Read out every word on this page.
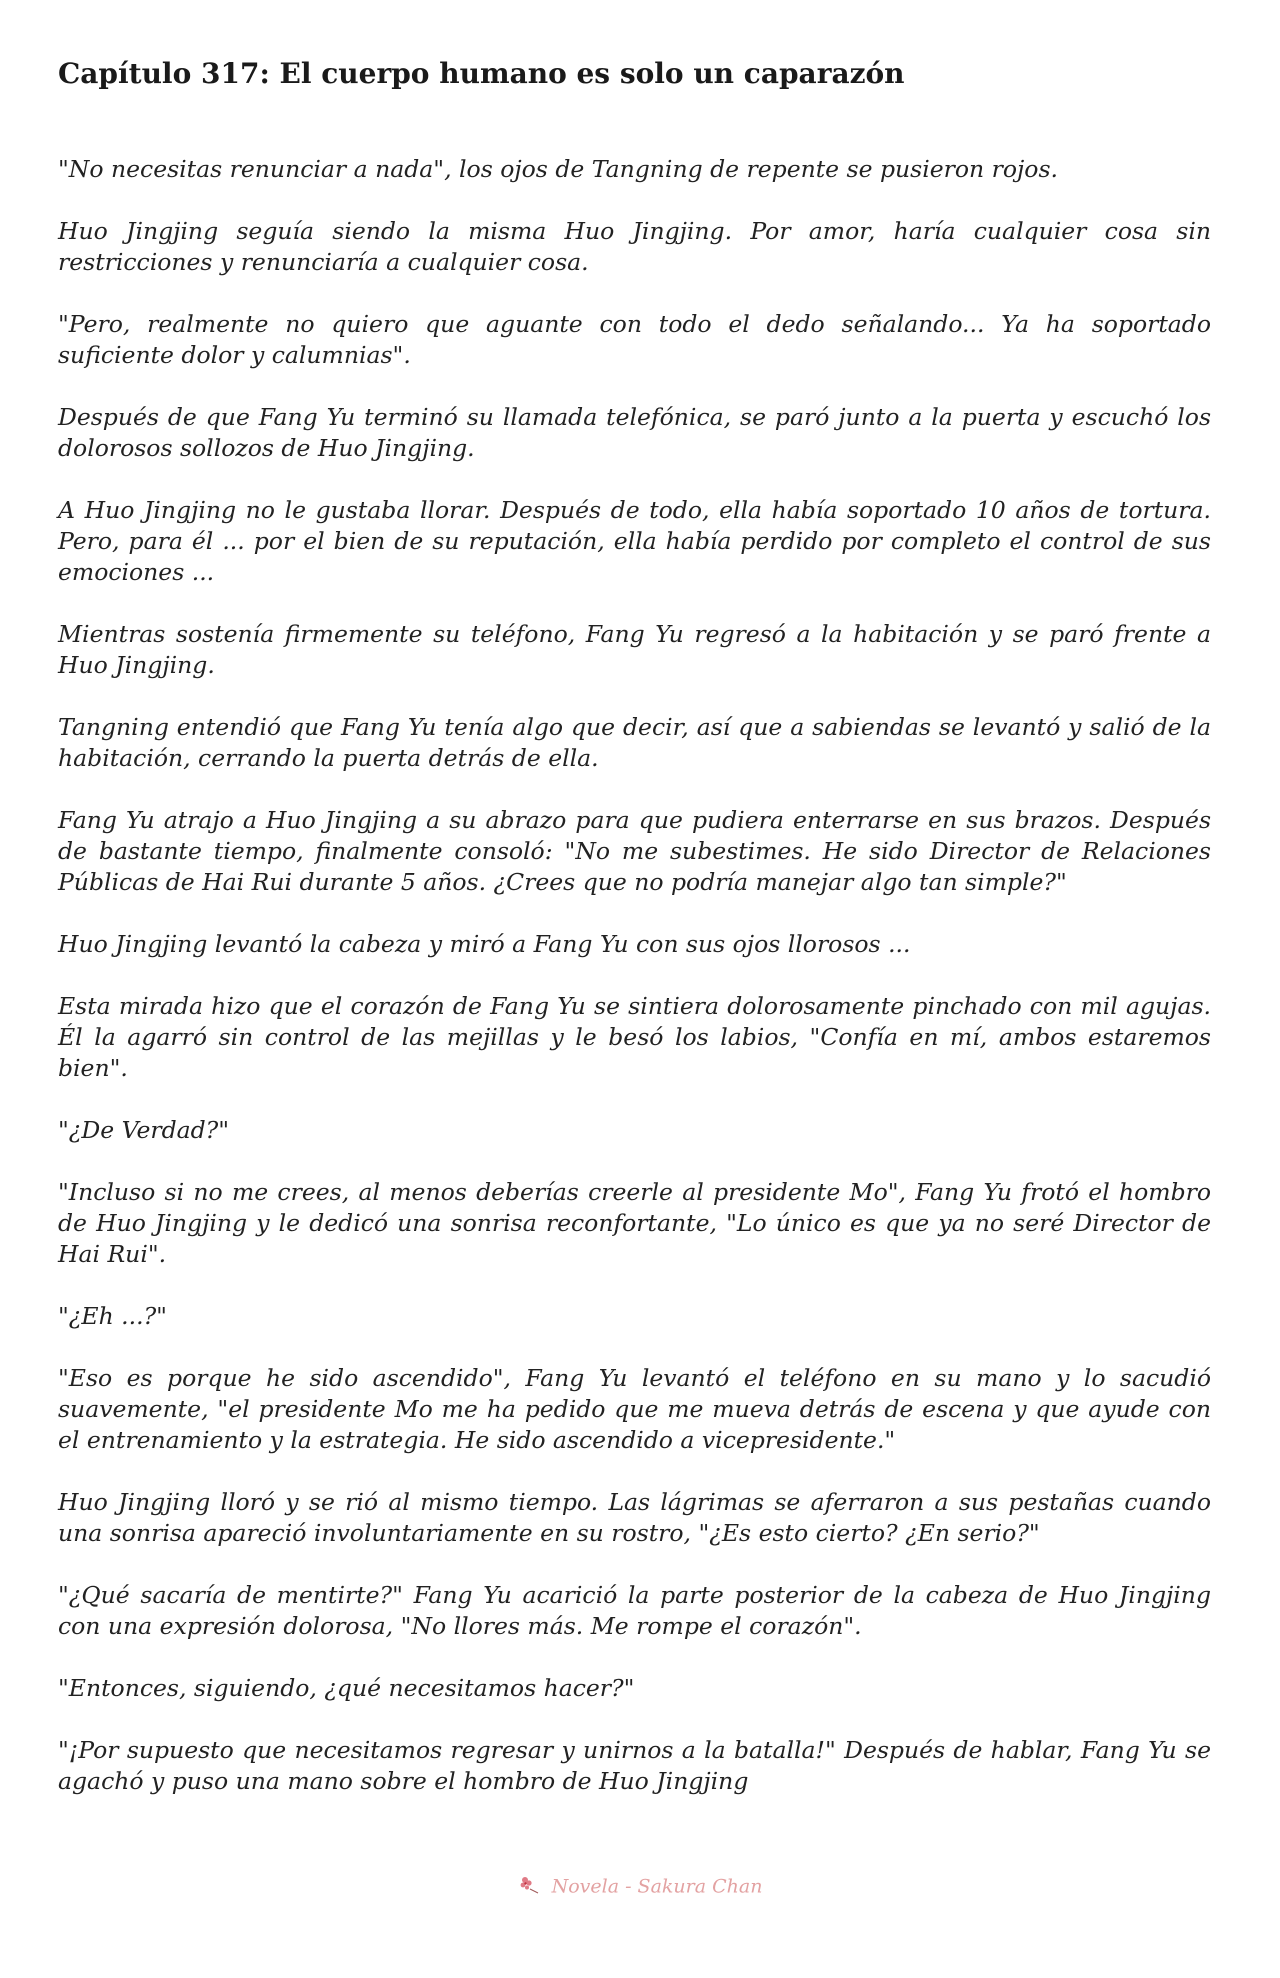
Capítulo 317: El cuerpo humano es solo un caparazón

"No necesitas renunciar a nada", los ojos de Tangning de repente se pusieron rojos.

Huo Jingjing seguía siendo la misma Huo Jingjing. Por amor, haría cualquier cosa sin restricciones y renunciaría a cualquier cosa.

"Pero, realmente no quiero que aguante con todo el dedo señalando... Ya ha soportado suficiente dolor y calumnias".

Después de que Fang Yu terminó su llamada telefónica, se paró junto a la puerta y escuchó los dolorosos sollozos de Huo Jingjing.

A Huo Jingjing no le gustaba llorar. Después de todo, ella había soportado 10 años de tortura. Pero, para él ... por el bien de su reputación, ella había perdido por completo el control de sus emociones ...

Mientras sostenía firmemente su teléfono, Fang Yu regresó a la habitación y se paró frente a Huo Jingjing.

Tangning entendió que Fang Yu tenía algo que decir, así que a sabiendas se levantó y salió de la habitación, cerrando la puerta detrás de ella.

Fang Yu atrajo a Huo Jingjing a su abrazo para que pudiera enterrarse en sus brazos. Después de bastante tiempo, finalmente consoló: "No me subestimes. He sido Director de Relaciones Públicas de Hai Rui durante 5 años. ¿Crees que no podría manejar algo tan simple?"

Huo Jingjing levantó la cabeza y miró a Fang Yu con sus ojos llorosos ...

Esta mirada hizo que el corazón de Fang Yu se sintiera dolorosamente pinchado con mil agujas. Él la agarró sin control de las mejillas y le besó los labios, "Confía en mí, ambos estaremos bien".

"¿De Verdad?"

"Incluso si no me crees, al menos deberías creerle al presidente Mo", Fang Yu frotó el hombro de Huo Jingjing y le dedicó una sonrisa reconfortante, "Lo único es que ya no seré Director de Hai Rui".

"¿Eh ...?"

"Eso es porque he sido ascendido", Fang Yu levantó el teléfono en su mano y lo sacudió suavemente, "el presidente Mo me ha pedido que me mueva detrás de escena y que ayude con el entrenamiento y la estrategia. He sido ascendido a vicepresidente."

Huo Jingjing lloró y se rió al mismo tiempo. Las lágrimas se aferraron a sus pestañas cuando una sonrisa apareció involuntariamente en su rostro, "¿Es esto cierto? ¿En serio?"

"¿Qué sacaría de mentirte?" Fang Yu acarició la parte posterior de la cabeza de Huo Jingjing con una expresión dolorosa, "No llores más. Me rompe el corazón".

"Entonces, siguiendo, ¿qué necesitamos hacer?"

"¡Por supuesto que necesitamos regresar y unirnos a la batalla!" Después de hablar, Fang Yu se agachó y puso una mano sobre el hombro de Huo Jingjing

Novela - Sakura Chan
